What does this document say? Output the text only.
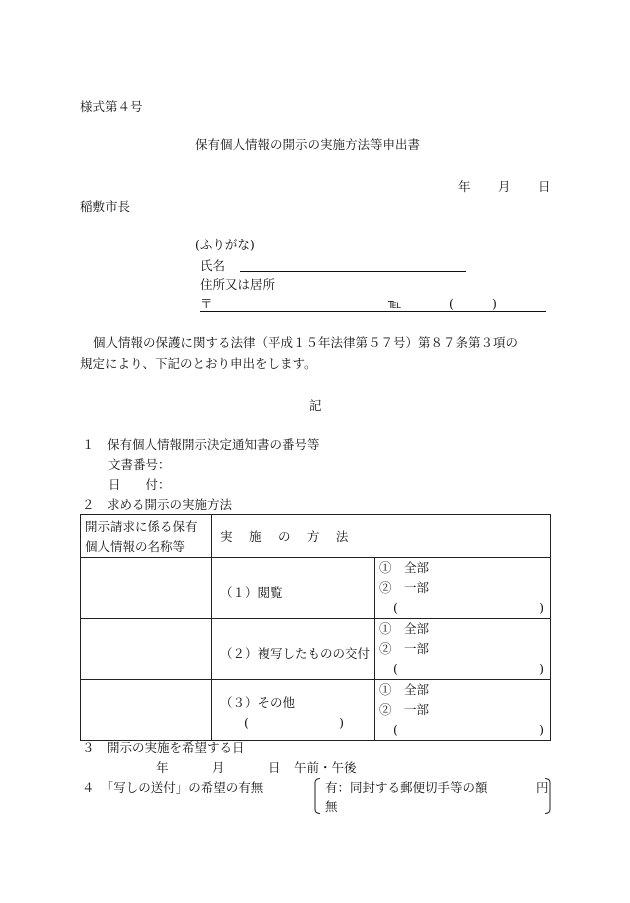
様式第４号
保有個人情報の開示の実施方法等申出書
年 月 日
稲敷市長
(ふりがな)
氏名
住所又は居所
〒	℡	(	)
個人情報の保護に関する法律（平成１５年法律第５７号）第８７条第３項の
規定により、下記のとおり申出をします。
記
１　保有個人情報開示決定通知書の番号等
文書番号：
日　　付：
２　求める開示の実施方法
開示請求に係る保有
個人情報の名称等	実 施 の 方 法	
	（１）閲覧	①　全部
②　一部
( )

	（２）複写したものの交付	①　全部
②　一部
( )

	（３）その他
( )	①　全部
②　一部
( )
３　開示の実施を希望する日
年	月	日 午前・午後
４　「写しの送付」の希望の有無	有：同封する郵便切手等の額	円
無
